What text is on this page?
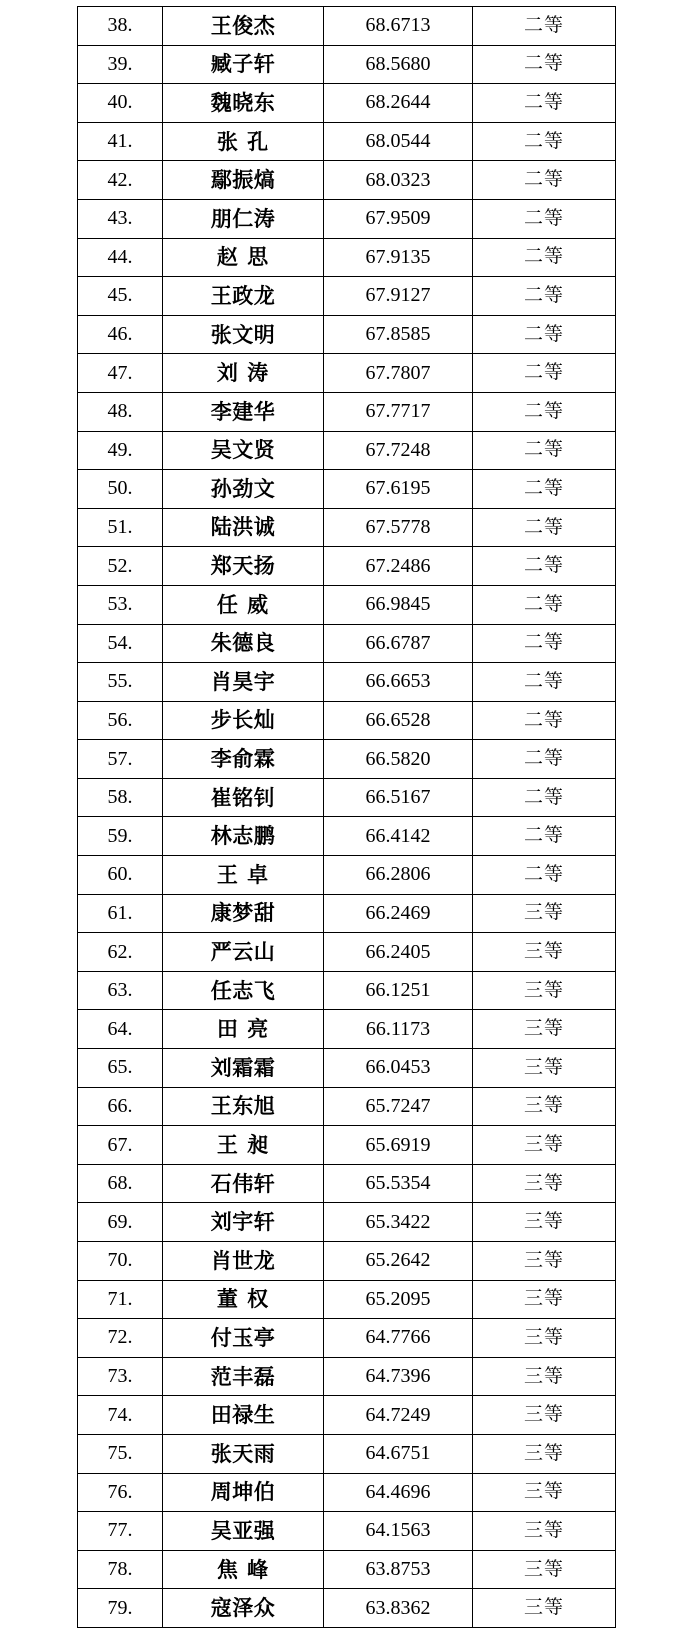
38.	王俊杰	68.6713	二等
39.	臧子轩	68.5680	二等
40.	魏晓东	68.2644	二等
41.	张 孔	68.0544	二等
42.	鄢振熇	68.0323	二等
43.	朋仁涛	67.9509	二等
44.	赵 思	67.9135	二等
45.	王政龙	67.9127	二等
46.	张文明	67.8585	二等
47.	刘 涛	67.7807	二等
48.	李建华	67.7717	二等
49.	吴文贤	67.7248	二等
50.	孙劲文	67.6195	二等
51.	陆洪诚	67.5778	二等
52.	郑天扬	67.2486	二等
53.	任 威	66.9845	二等
54.	朱德良	66.6787	二等
55.	肖昊宇	66.6653	二等
56.	步长灿	66.6528	二等
57.	李俞霖	66.5820	二等
58.	崔铭钊	66.5167	二等
59.	林志鹏	66.4142	二等
60.	王 卓	66.2806	二等
61.	康梦甜	66.2469	三等
62.	严云山	66.2405	三等
63.	任志飞	66.1251	三等
64.	田 亮	66.1173	三等
65.	刘霜霜	66.0453	三等
66.	王东旭	65.7247	三等
67.	王 昶	65.6919	三等
68.	石伟轩	65.5354	三等
69.	刘宇轩	65.3422	三等
70.	肖世龙	65.2642	三等
71.	董 权	65.2095	三等
72.	付玉亭	64.7766	三等
73.	范丰磊	64.7396	三等
74.	田禄生	64.7249	三等
75.	张天雨	64.6751	三等
76.	周坤伯	64.4696	三等
77.	吴亚强	64.1563	三等
78.	焦 峰	63.8753	三等
79.	寇泽众	63.8362	三等
